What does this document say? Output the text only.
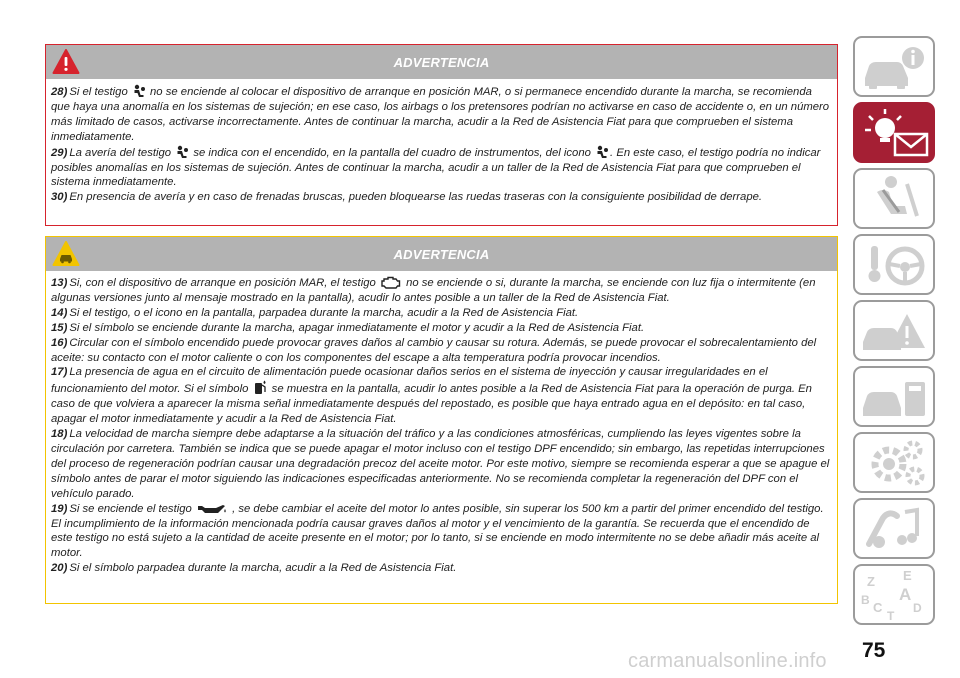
ADVERTENCIA

28) Si el testigo no se enciende al colocar el dispositivo de arranque en posición MAR, o si permanece encendido durante la marcha, se recomienda que haya una anomalía en los sistemas de sujeción; en ese caso, los airbags o los pretensores podrían no activarse en caso de accidente o, en un número más limitado de casos, activarse incorrectamente. Antes de continuar la marcha, acudir a la Red de Asistencia Fiat para que comprueben el sistema inmediatamente.

29) La avería del testigo se indica con el encendido, en la pantalla del cuadro de instrumentos, del icono . En este caso, el testigo podría no indicar posibles anomalías en los sistemas de sujeción. Antes de continuar la marcha, acudir a un taller de la Red de Asistencia Fiat para que comprueben el sistema inmediatamente.

30) En presencia de avería y en caso de frenadas bruscas, pueden bloquearse las ruedas traseras con la consiguiente posibilidad de derrape.

ADVERTENCIA

13) Si, con el dispositivo de arranque en posición MAR, el testigo	no se enciende o si, durante la marcha, se enciende con luz fija o intermitente (en algunas versiones junto al mensaje mostrado en la pantalla), acudir lo antes posible a un taller de la Red de Asistencia Fiat.

14) Si el testigo, o el icono en la pantalla, parpadea durante la marcha, acudir a la Red de Asistencia Fiat.

15) Si el símbolo se enciende durante la marcha, apagar inmediatamente el motor y acudir a la Red de Asistencia Fiat.

16) Circular con el símbolo encendido puede provocar graves daños al cambio y causar su rotura. Además, se puede provocar el sobrecalentamiento del aceite: su contacto con el motor caliente o con los componentes del escape a alta temperatura podría provocar incendios.

17) La presencia de agua en el circuito de alimentación puede ocasionar daños serios en el sistema de inyección y causar irregularidades en el funcionamiento del motor. Si el símbolo se muestra en la pantalla, acudir lo antes posible a la Red de Asistencia Fiat para la operación de purga. En caso de que volviera a aparecer la misma señal inmediatamente después del repostado, es posible que haya entrado agua en el depósito: en tal caso, apagar el motor inmediatamente y acudir a la Red de Asistencia Fiat.

18) La velocidad de marcha siempre debe adaptarse a la situación del tráfico y a las condiciones atmosféricas, cumpliendo las leyes vigentes sobre la circulación por carretera. También se indica que se puede apagar el motor incluso con el testigo DPF encendido; sin embargo, las repetidas interrupciones del proceso de regeneración podrían causar una degradación precoz del aceite motor. Por este motivo, siempre se recomienda esperar a que se apague el símbolo antes de parar el motor siguiendo las indicaciones especificadas anteriormente. No se recomienda completar la regeneración del DPF con el vehículo parado.

19) Si se enciende el testigo	, se debe cambiar el aceite del motor lo antes posible, sin superar los 500 km a partir del primer encendido del testigo. El incumplimiento de la información mencionada podría causar graves daños al motor y el vencimiento de la garantía. Se recuerda que el encendido de este testigo no está sujeto a la cantidad de aceite presente en el motor; por lo tanto, si se enciende en modo intermitente no se debe añadir más aceite al motor.

20) Si el símbolo parpadea durante la marcha, acudir a la Red de Asistencia Fiat.

Z E
A
B C	D
T
75
carmanualsonline.info
